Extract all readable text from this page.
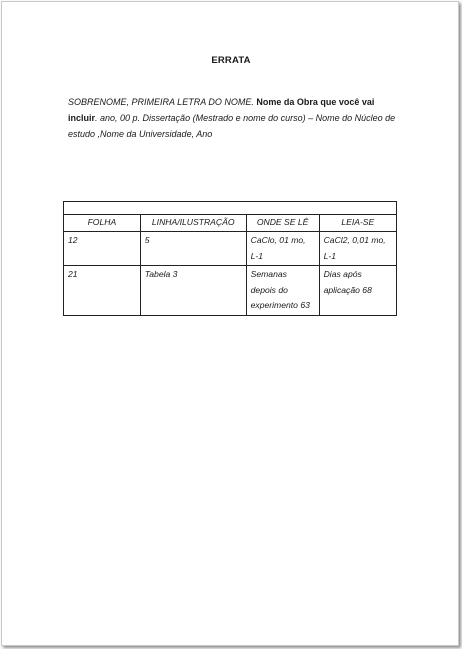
ERRATA
SOBRENOME, PRIMEIRA LETRA DO NOME. Nome da Obra que você vai incluir. ano, 00 p. Dissertação (Mestrado e nome do curso) – Nome do Núcleo de estudo ,Nome da Universidade, Ano

FOLHA	LINHA/ILUSTRAÇÃO	ONDE SE LÊ	LEIA-SE
12	5	CaClo, 01 mo, L-1	CaCl2, 0,01 mo, L-1
21	Tabela 3	Semanas depois do experimento 63	Dias após aplicação 68
